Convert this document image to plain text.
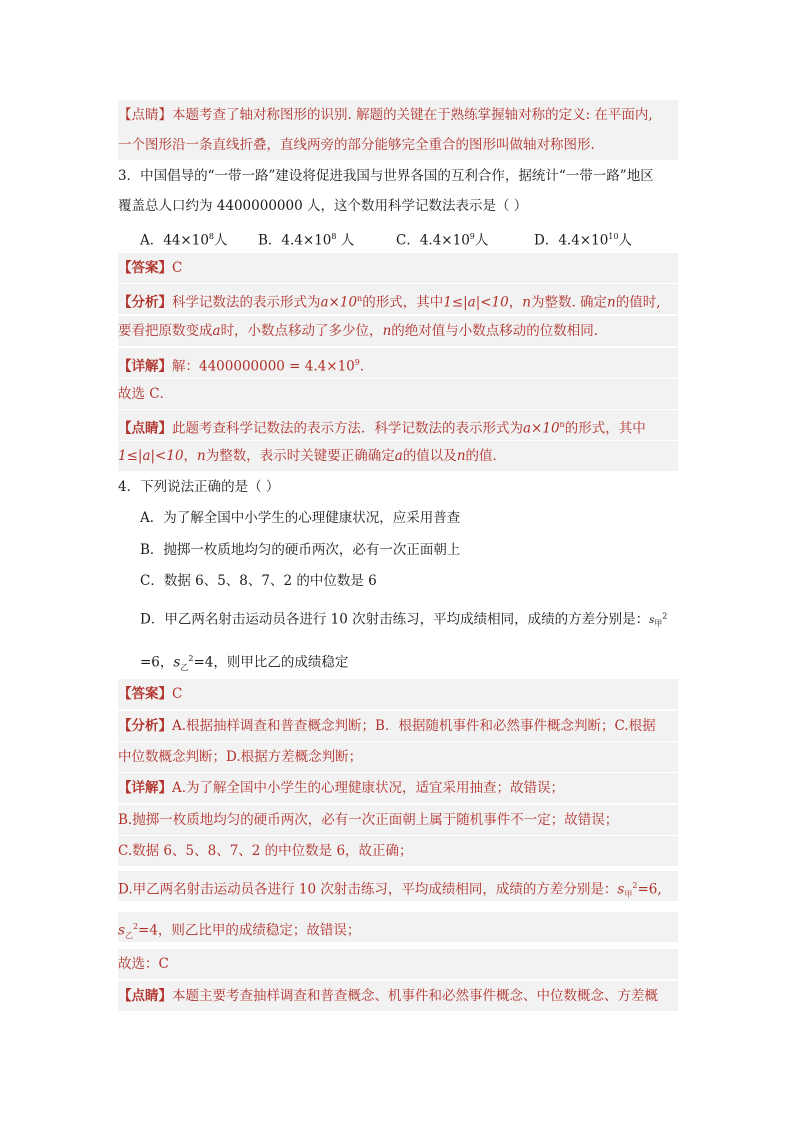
【点睛】本题考查了轴对称图形的识别. 解题的关键在于熟练掌握轴对称的定义: 在平面内,
一个图形沿一条直线折叠，直线两旁的部分能够完全重合的图形叫做轴对称图形.
3．中国倡导的“一带一路”建设将促进我国与世界各国的互利合作，据统计“一带一路”地区
覆盖总人口约为 4400000000 人，这个数用科学记数法表示是（ ）
A．$44\times 10^8$人 B．$4.4\times 10^8$ 人	C．$4.4\times 10^9$人	D．$4.4\times 10^{10}$人
【答案】C
【分析】科学记数法的表示形式为$a\times 10^n$的形式，其中1≤|a|<10，n为整数. 确定n的值时,
要看把原数变成a时，小数点移动了多少位，n的绝对值与小数点移动的位数相同.
【详解】解：$4400000000 = 4.4\times 10^9$．
故选 C．
【点睛】此题考查科学记数法的表示方法．科学记数法的表示形式为$a\times 10^n$的形式，其中
1≤|a|<10，n为整数，表示时关键要正确确定a的值以及n的值．
4．下列说法正确的是（ ）
A．为了解全国中小学生的心理健康状况，应采用普查
B．抛掷一枚质地均匀的硬币两次，必有一次正面朝上
C．数据 6、5、8、7、2 的中位数是 6
D．甲乙两名射击运动员各进行 10 次射击练习，平均成绩相同，成绩的方差分别是：$s_甲^2$
=6，$s_乙^2=4$，则甲比乙的成绩稳定
【答案】C
【分析】A.根据抽样调查和普查概念判断；B．根据随机事件和必然事件概念判断；C.根据
中位数概念判断；D.根据方差概念判断；
【详解】A.为了解全国中小学生的心理健康状况，适宜采用抽查；故错误；
B.抛掷一枚质地均匀的硬币两次，必有一次正面朝上属于随机事件不一定；故错误；
C.数据 6、5、8、7、2 的中位数是 6，故正确；
D.甲乙两名射击运动员各进行 10 次射击练习，平均成绩相同，成绩的方差分别是：$s_甲^2=6$,
$s_乙^2=4$，则乙比甲的成绩稳定；故错误；
故选：C
【点睛】本题主要考查抽样调查和普查概念、机事件和必然事件概念、中位数概念、方差概
